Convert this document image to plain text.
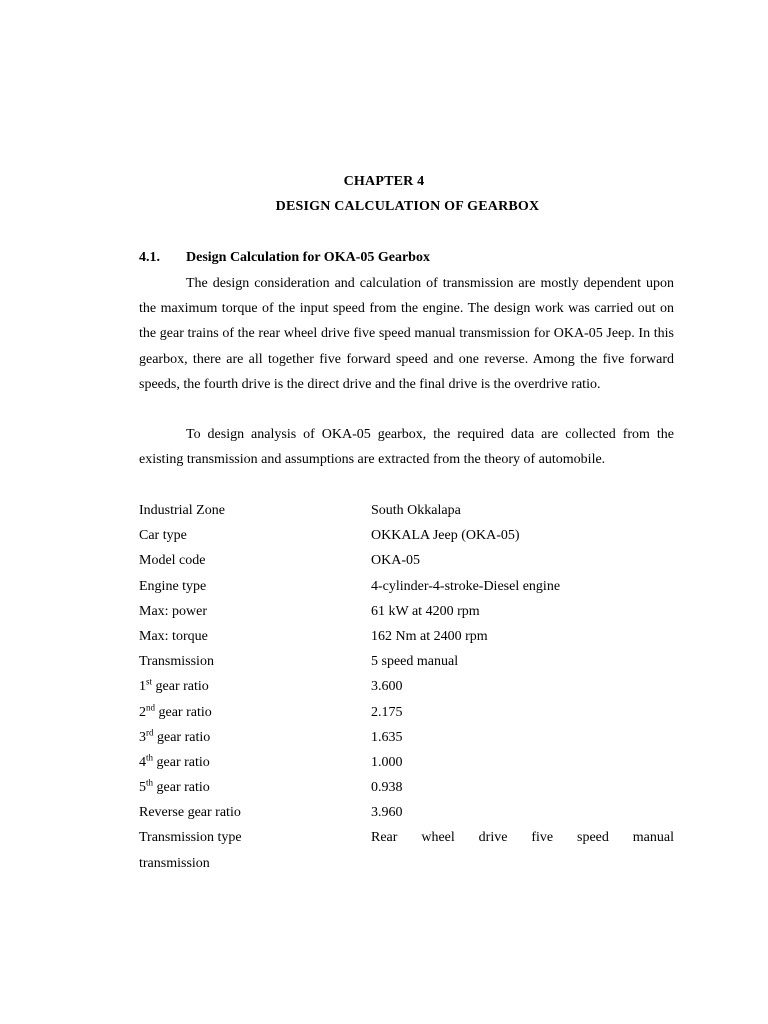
CHAPTER 4
DESIGN CALCULATION OF GEARBOX
4.1. Design Calculation for OKA-05 Gearbox
The design consideration and calculation of transmission are mostly dependent upon the maximum torque of the input speed from the engine. The design work was carried out on the gear trains of the rear wheel drive five speed manual transmission for OKA-05 Jeep. In this gearbox, there are all together five forward speed and one reverse. Among the five forward speeds, the fourth drive is the direct drive and the final drive is the overdrive ratio.
To design analysis of OKA-05 gearbox, the required data are collected from the existing transmission and assumptions are extracted from the theory of automobile.
Industrial Zone	South Okkalapa
Car type	OKKALA Jeep (OKA-05)
Model code	OKA-05
Engine type	4-cylinder-4-stroke-Diesel engine
Max: power	61 kW at 4200 rpm
Max: torque	162 Nm at 2400 rpm
Transmission	5 speed manual
1st gear ratio	3.600
2nd gear ratio	2.175
3rd gear ratio	1.635
4th gear ratio	1.000
5th gear ratio	0.938
Reverse gear ratio	3.960
Transmission type	Rear wheel drive five speed manual
transmission
